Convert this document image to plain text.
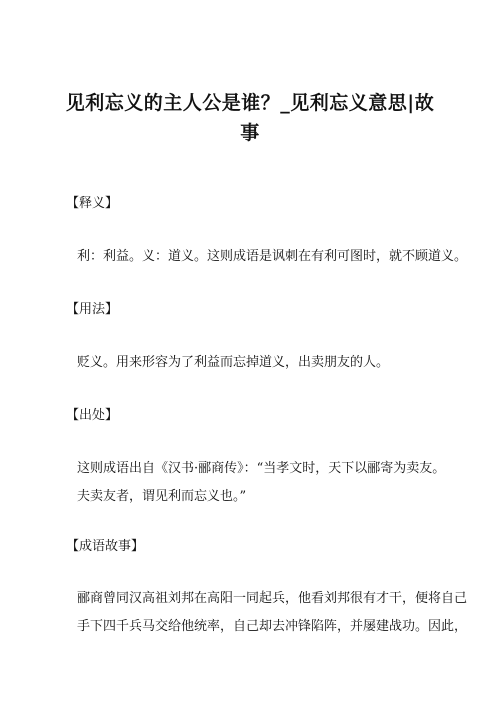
见利忘义的主人公是谁？_见利忘义意思|故事
【释义】
利：利益。义：道义。这则成语是讽刺在有利可图时，就不顾道义。
【用法】
贬义。用来形容为了利益而忘掉道义，出卖朋友的人。
【出处】
这则成语出自《汉书·郦商传》：“当孝文时，天下以郦寄为卖友。
夫卖友者，谓见利而忘义也。”
【成语故事】
郦商曾同汉高祖刘邦在高阳一同起兵，他看刘邦很有才干，便将自己
手下四千兵马交给他统率，自己却去冲锋陷阵，并屡建战功。因此，
